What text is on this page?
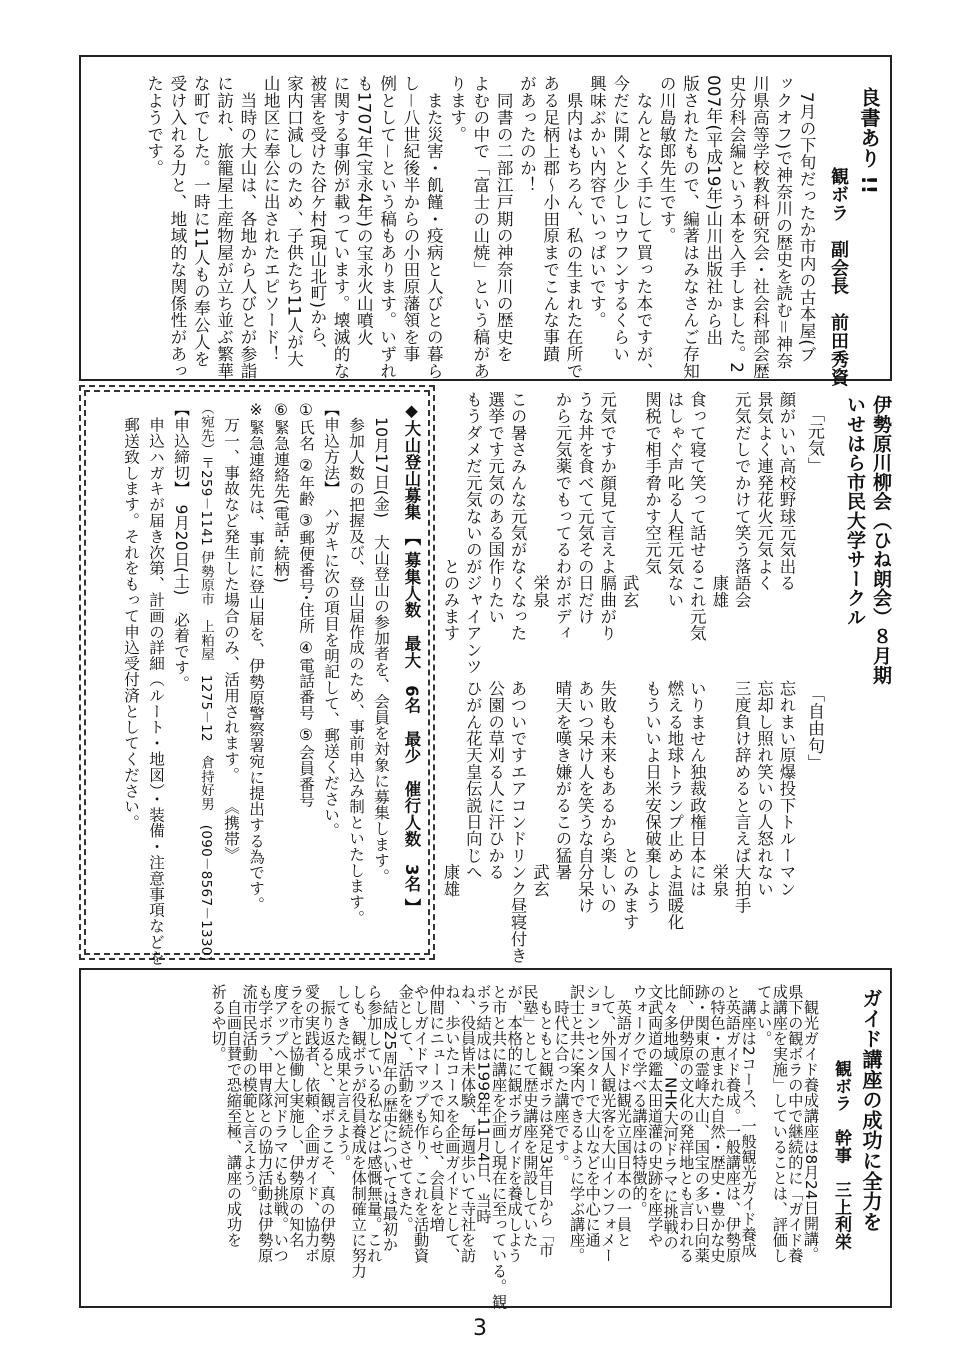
良書あり !!
観ボラ　副会長　前田秀資

　7月の下旬だったか市内の古本屋(ブ

ックオフ)で神奈川の歴史を読む＝神奈

川県高等学校教科研究会・社会科部会歴

史分科会編という本を入手しました。2

007年(平成19年)山川出版社から出

版されたもので、編著はみなさんご存知

の川島敏郎先生です。

　なんとなく手にして買った本ですが、

今だに開くと少しコウフンするくらい

興味ぶかい内容でいっぱいです。

　県内はもちろん、私の生まれた在所で

ある足柄上郡～小田原までこんな事蹟

があったのか！

　同書の二部江戸期の神奈川の歴史を

よむの中で「富士の山焼」という稿があ

ります。

　また災害・飢饉・疫病と人びとの暮ら

し－八世紀後半からの小田原藩領を事

例として－という稿もあります。いずれ

も1707年(宝永4年)の宝永火山噴火

に関する事例が載っています。壊滅的な

被害を受けた谷ケ村(現山北町)から、

家内口減しのため、子供たち11人が大

山地区に奉公に出されたエピソード！

　当時の大山は、各地から人びとが参詣

に訪れ、旅籠屋土産物屋が立ち並ぶ繁華

な町でした。一時に11人もの奉公人を

受け入れる力と、地域的な関係性があっ

たようです。

伊勢原川柳会（ひね朗会）８月期
いせはら市民大学サークル
「元気」

顔がいい高校野球元気出る

景気よく連発花火元気よく

元気だしでかけて笑う落語会

　　　　　　　　　　　康雄

食って寝て笑って話せるこれ元気

はしゃぐ声叱る人程元気ない

関税で相手脅かす空元気

　　　　　　　　　　　武玄

元気ですか顔見て言えよ膈曲がり

うな丼を食べて元気その日だけ

から元気薬でもってるわがボディ

　　　　　　　　　　　栄泉

この暑さみんな元気がなくなった

選挙です元気のある国作りたい

もうダメだ元気ないのがジャイアンツ

　　　　　　　　　　とのみます

「自由句」

忘れまい原爆投下トルーマン

忘却し照れ笑いの人怒れない

三度負け辞めると言えば大拍手

　　　　　　　　　　　栄泉

いりません独裁政権日本には

燃える地球トランプ止めよ温暖化

もういいよ日米安保破棄しよう

　　　　　　　　　　とのみます

失敗も未来もあるから楽しいの

あいつ呆け人を笑うな自分呆け

晴天を嘆き嫌がるこの猛暑

　　　　　　　　　　　武玄

あついですエアコンドリンク昼寝付き

公園の草刈る人に汗ひかる

ひがん花天皇伝説日向じへ

　　　　　　　　　　　康雄

◆大山登山募集　【 募集人数　最大　6名　最少　催行人数　3名 】

　10月17日(金)　大山登山の参加者を、会員を対象に募集します。

　参加人数の把握及び、登山届作成のため、事前申込み制といたします。

【申込方法】　ハガキに次の項目を明記して、郵送ください。

①氏名 ②年齢 ③郵便番号･住所 ④電話番号 ⑤会員番号

⑥緊急連絡先(電話･続柄)

※緊急連絡先は、事前に登山届を、伊勢原警察署宛に提出する為です。

　万一、事故など発生した場合のみ、活用されます。　　《携帯》

（宛先）〒259－1141 伊勢原市　上粕屋　1275－12　倉持好男　(090－8567－1330)

【申込締切】　9月20日(土)　必着です。

　申込ハガキが届き次第、計画の詳細（ルート・地図）・装備・注意事項などを

　郵送致します。それをもって申込受付済としてください。

ガイド講座の成功に全力を
観ボラ　幹事　三上利栄

　観光ガイド養成講座は8月24日開講。

県下の観ボラの中で継続的に「ガイド養

成講座を実施」していることは、評価し

てよい。

　講座は2コース、一般観光ガイド養成

と英語ガイド養成。一般講座は、伊勢原

の特色・恵まれた自然・歴史・豊かな史

跡・関東の霊峰大山、国宝の多い日向薬

師、伊勢原の文化の発祥地とも言われる

比々多地域、NHK大河ドラマに挑戦の

文武両道の鑑太田道灌の史跡を座学や

ウォークで学べる講座は特徴的。

　英語ガイドは観光立国日本の一員と

して、外国人観光客を大山インフォメー

ションセンターで大山などを中心に通

訳士と共に案内できるように学ぶ講座。

　時代に合った講座です。

　もともと観ボラは発足3年目から「市

民塾」として歴史講座を開設していた

が、本格的に観ボラガイドを養成しよう

と市と共に講座を企画し現在に至っている。観

ボラ結成は1998年11月4日、当時

ね、役員皆未体験、毎週歩いて寺社を訪

ね、歩いたコースを企画ガイドとして、

仲間にニュースで知らせ、会員を増

やしガイドマップも作り、これを活動資

金として、活動を継続させてきた。

　結成25周年の歴史については最初か

ら参加している私などは感慨無量。これ

しも、観ボラが役員養成を体制確立に努力

してきた成果と言えよう。

　振り返ると、観ボラこそ、真の伊勢原

愛の実践者、依頼、企画ガイド、協力ボ

ラを市と協働し実施し、伊勢原の知名

度アップへと大河ドラマにも挑戦。いつ

も学ボラ、甲冑隊との協力活動は伊勢原

流市民活動の模範と言えよう。

　自画自賛で恐縮至極、講座の成功を

祈るや切。

3
